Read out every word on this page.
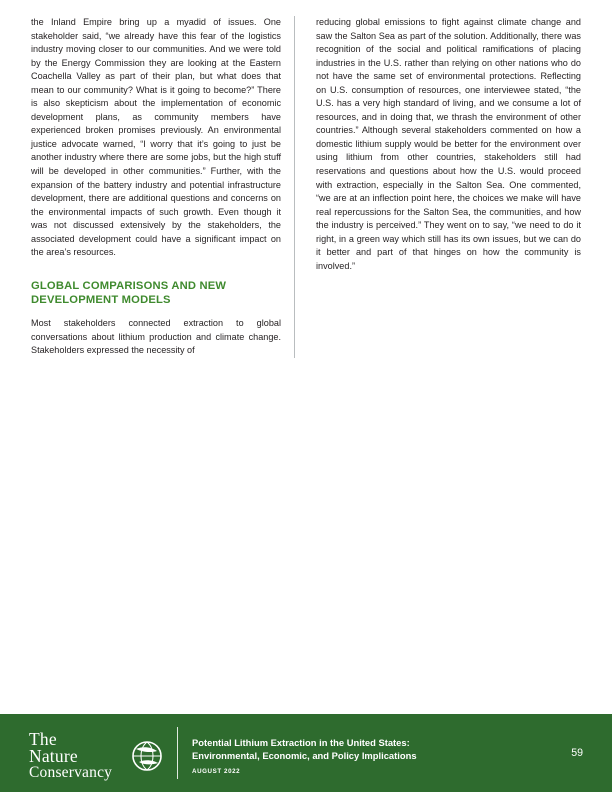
the Inland Empire bring up a myadid of issues. One stakeholder said, “we already have this fear of the logistics industry moving closer to our communities. And we were told by the Energy Commission they are looking at the Eastern Coachella Valley as part of their plan, but what does that mean to our community? What is it going to become?” There is also skepticism about the implementation of economic development plans, as community members have experienced broken promises previously. An environmental justice advocate warned, “I worry that it’s going to just be another industry where there are some jobs, but the high stuff will be developed in other communities.” Further, with the expansion of the battery industry and potential infrastructure development, there are additional questions and concerns on the environmental impacts of such growth. Even though it was not discussed extensively by the stakeholders, the associated development could have a significant impact on the area’s resources.

GLOBAL COMPARISONS AND NEW DEVELOPMENT MODELS

Most stakeholders connected extraction to global conversations about lithium production and climate change. Stakeholders expressed the necessity of

reducing global emissions to fight against climate change and saw the Salton Sea as part of the solution. Additionally, there was recognition of the social and political ramifications of placing industries in the U.S. rather than relying on other nations who do not have the same set of environmental protections. Reflecting on U.S. consumption of resources, one interviewee stated, “the U.S. has a very high standard of living, and we consume a lot of resources, and in doing that, we thrash the environment of other countries.” Although several stakeholders commented on how a domestic lithium supply would be better for the environment over using lithium from other countries, stakeholders still had reservations and questions about how the U.S. would proceed with extraction, especially in the Salton Sea. One commented, “we are at an inflection point here, the choices we make will have real repercussions for the Salton Sea, the communities, and how the industry is perceived.” They went on to say, “we need to do it right, in a green way which still has its own issues, but we can do it better and part of that hinges on how the community is involved.”

The
Nature
Conservancy
Potential Lithium Extraction in the United States:
Environmental, Economic, and Policy Implications
AUGUST 2022
59
